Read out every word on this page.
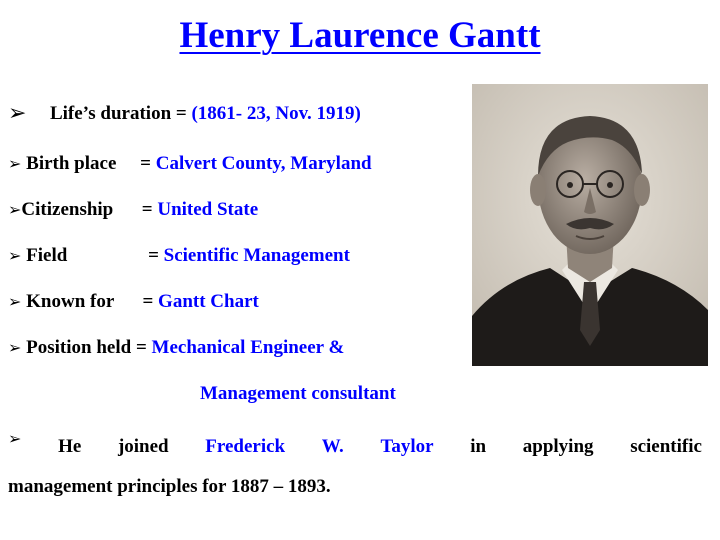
Henry Laurence Gantt
➢ Life’s duration = (1861- 23, Nov. 1919)
➢ Birth place     = Calvert County, Maryland
➢Citizenship      = United State
➢ Field                 = Scientific Management
➢ Known for      = Gantt Chart
➢ Position held = Mechanical Engineer &
Management consultant
➢ He joined Frederick W. Taylor in applying scientific
management principles for 1887 – 1893.
